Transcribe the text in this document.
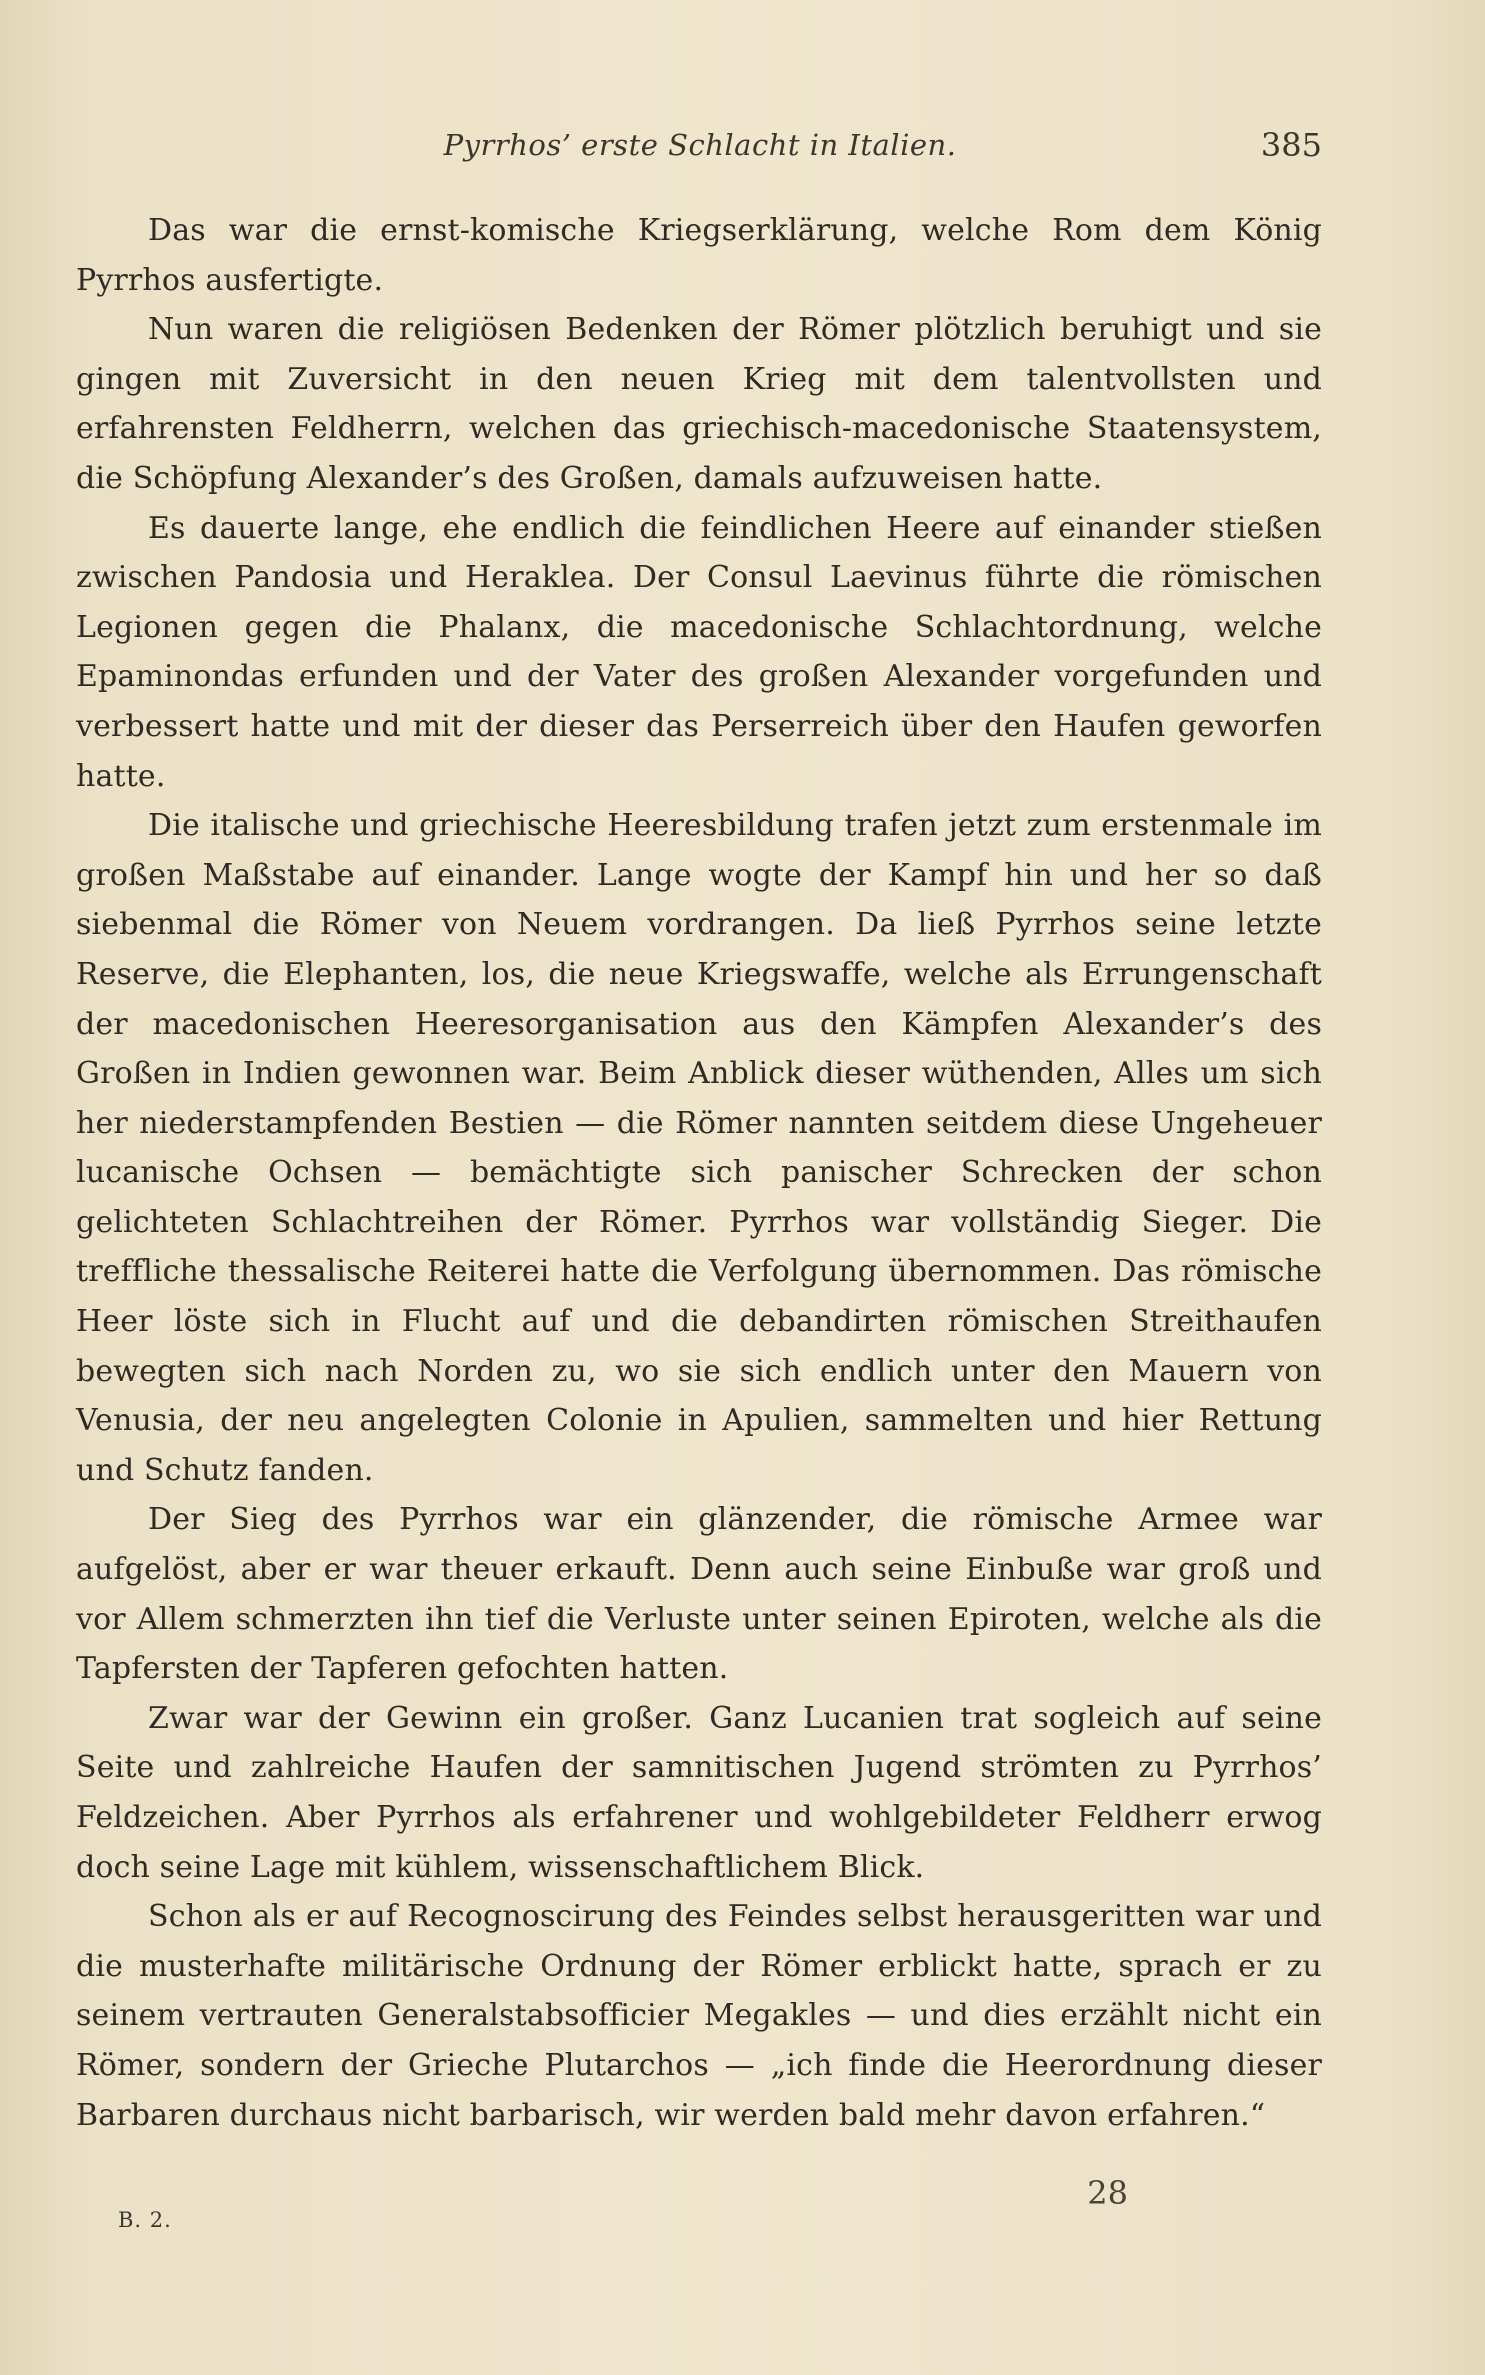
Pyrrhos’ erste Schlacht in Italien.	385

Das war die ernst-komische Kriegserklärung, welche Rom dem König Pyrrhos ausfertigte.

Nun waren die religiösen Bedenken der Römer plötzlich beruhigt und sie gingen mit Zuversicht in den neuen Krieg mit dem talentvollsten und erfahrensten Feldherrn, welchen das griechisch-macedonische Staatensystem, die Schöpfung Alexander’s des Großen, damals aufzuweisen hatte.

Es dauerte lange, ehe endlich die feindlichen Heere auf einander stießen zwischen Pandosia und Heraklea. Der Consul Laevinus führte die römischen Legionen gegen die Phalanx, die macedonische Schlachtordnung, welche Epaminondas erfunden und der Vater des großen Alexander vorgefunden und verbessert hatte und mit der dieser das Perserreich über den Haufen geworfen hatte.

Die italische und griechische Heeresbildung trafen jetzt zum erstenmale im großen Maßstabe auf einander. Lange wogte der Kampf hin und her so daß siebenmal die Römer von Neuem vordrangen. Da ließ Pyrrhos seine letzte Reserve, die Elephanten, los, die neue Kriegswaffe, welche als Errungenschaft der macedonischen Heeresorganisation aus den Kämpfen Alexander’s des Großen in Indien gewonnen war. Beim Anblick dieser wüthenden, Alles um sich her niederstampfenden Bestien — die Römer nannten seitdem diese Ungeheuer lucanische Ochsen — bemächtigte sich panischer Schrecken der schon gelichteten Schlachtreihen der Römer. Pyrrhos war vollständig Sieger. Die treffliche thessalische Reiterei hatte die Verfolgung übernommen. Das römische Heer löste sich in Flucht auf und die debandirten römischen Streithaufen bewegten sich nach Norden zu, wo sie sich endlich unter den Mauern von Venusia, der neu angelegten Colonie in Apulien, sammelten und hier Rettung und Schutz fanden.

Der Sieg des Pyrrhos war ein glänzender, die römische Armee war aufgelöst, aber er war theuer erkauft. Denn auch seine Einbuße war groß und vor Allem schmerzten ihn tief die Verluste unter seinen Epiroten, welche als die Tapfersten der Tapferen gefochten hatten.

Zwar war der Gewinn ein großer. Ganz Lucanien trat sogleich auf seine Seite und zahlreiche Haufen der samnitischen Jugend strömten zu Pyrrhos’ Feldzeichen. Aber Pyrrhos als erfahrener und wohlgebildeter Feldherr erwog doch seine Lage mit kühlem, wissenschaftlichem Blick.

Schon als er auf Recognoscirung des Feindes selbst herausgeritten war und die musterhafte militärische Ordnung der Römer erblickt hatte, sprach er zu seinem vertrauten Generalstabsofficier Megakles — und dies erzählt nicht ein Römer, sondern der Grieche Plutarchos — „ich finde die Heerordnung dieser Barbaren durchaus nicht barbarisch, wir werden bald mehr davon erfahren.“

B. 2.
28
